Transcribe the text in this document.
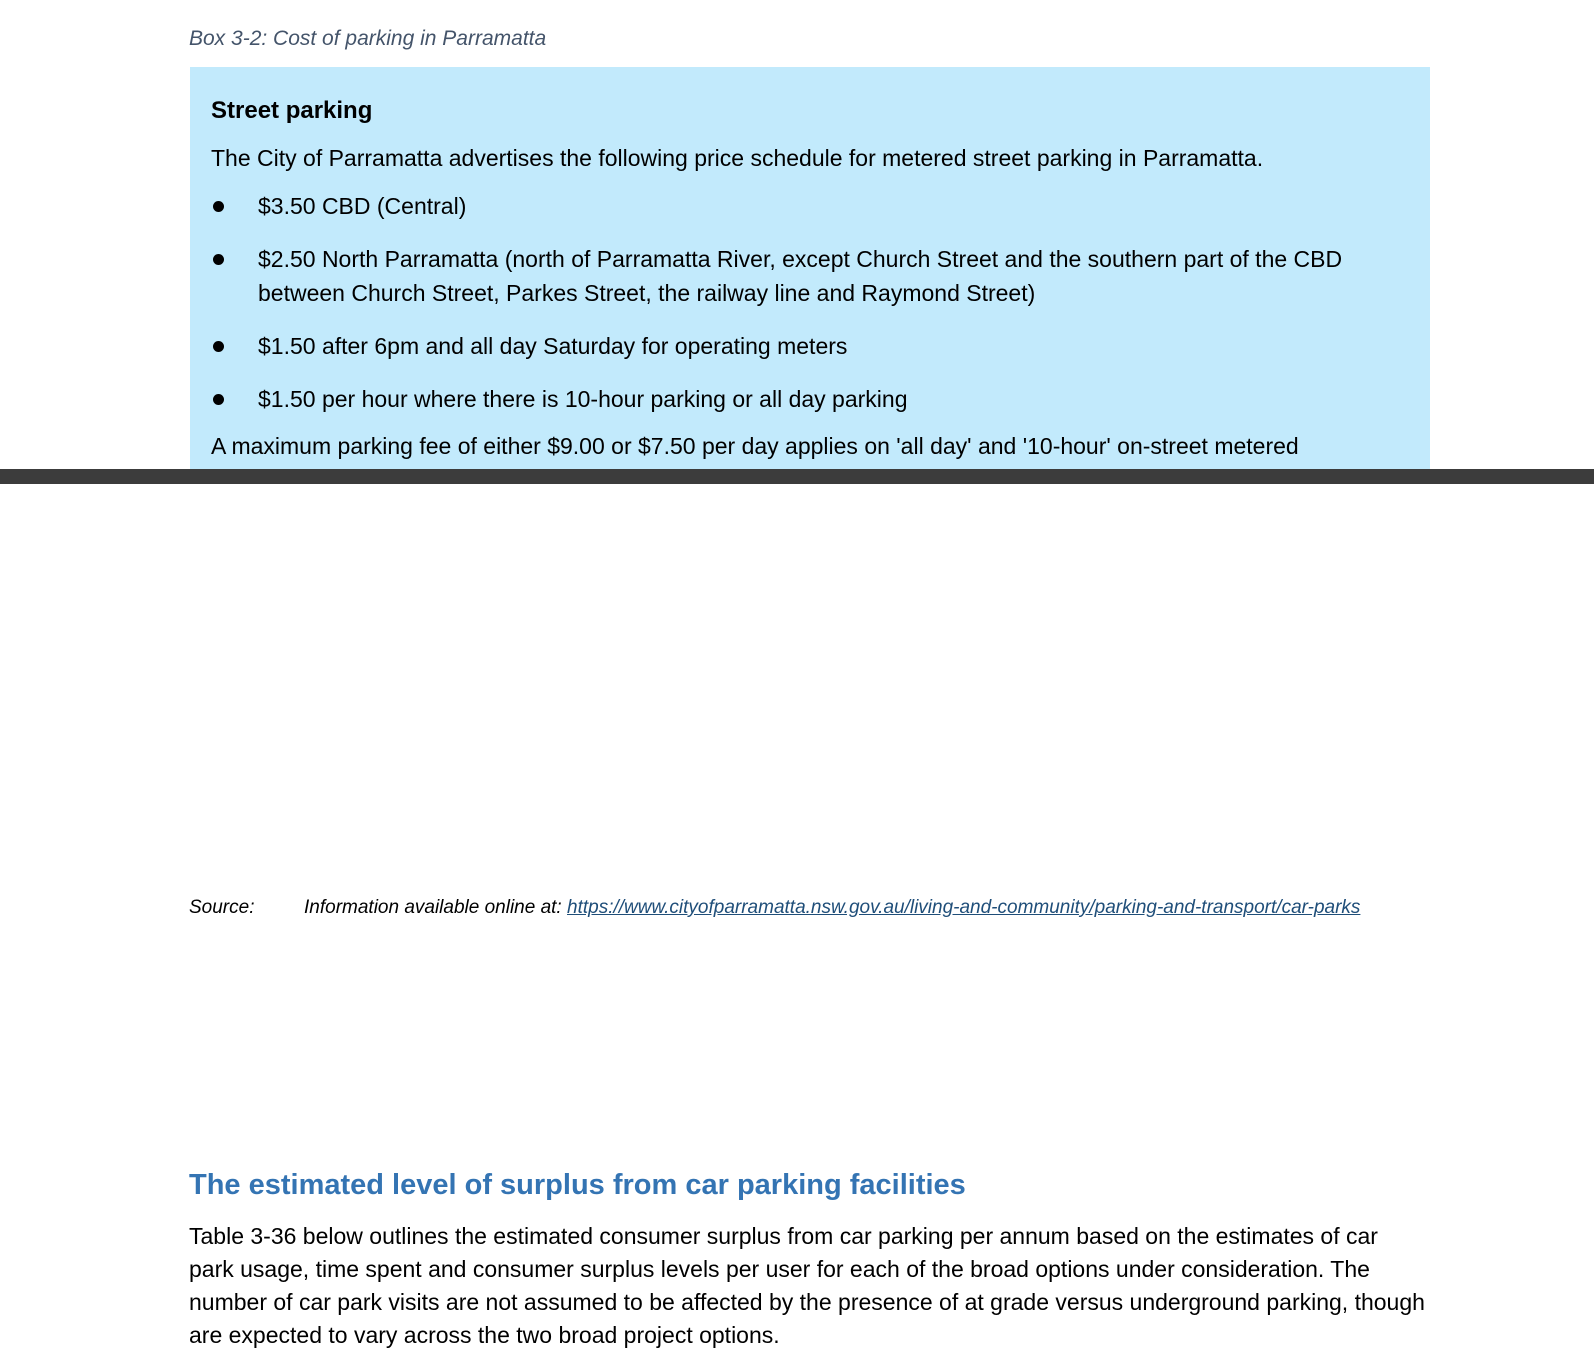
Box 3-2: Cost of parking in Parramatta
Street parking
The City of Parramatta advertises the following price schedule for metered street parking in Parramatta.
$3.50 CBD (Central)
$2.50 North Parramatta (north of Parramatta River, except Church Street and the southern part of the CBD between Church Street, Parkes Street, the railway line and Raymond Street)
$1.50 after 6pm and all day Saturday for operating meters
$1.50 per hour where there is 10-hour parking or all day parking
A maximum parking fee of either $9.00 or $7.50 per day applies on 'all day' and '10-hour' on-street metered
Source:	Information available online at: https://www.cityofparramatta.nsw.gov.au/living-and-community/parking-and-transport/car-parks
The estimated level of surplus from car parking facilities
Table 3-36 below outlines the estimated consumer surplus from car parking per annum based on the estimates of car park usage, time spent and consumer surplus levels per user for each of the broad options under consideration. The number of car park visits are not assumed to be affected by the presence of at grade versus underground parking, though are expected to vary across the two broad project options.
